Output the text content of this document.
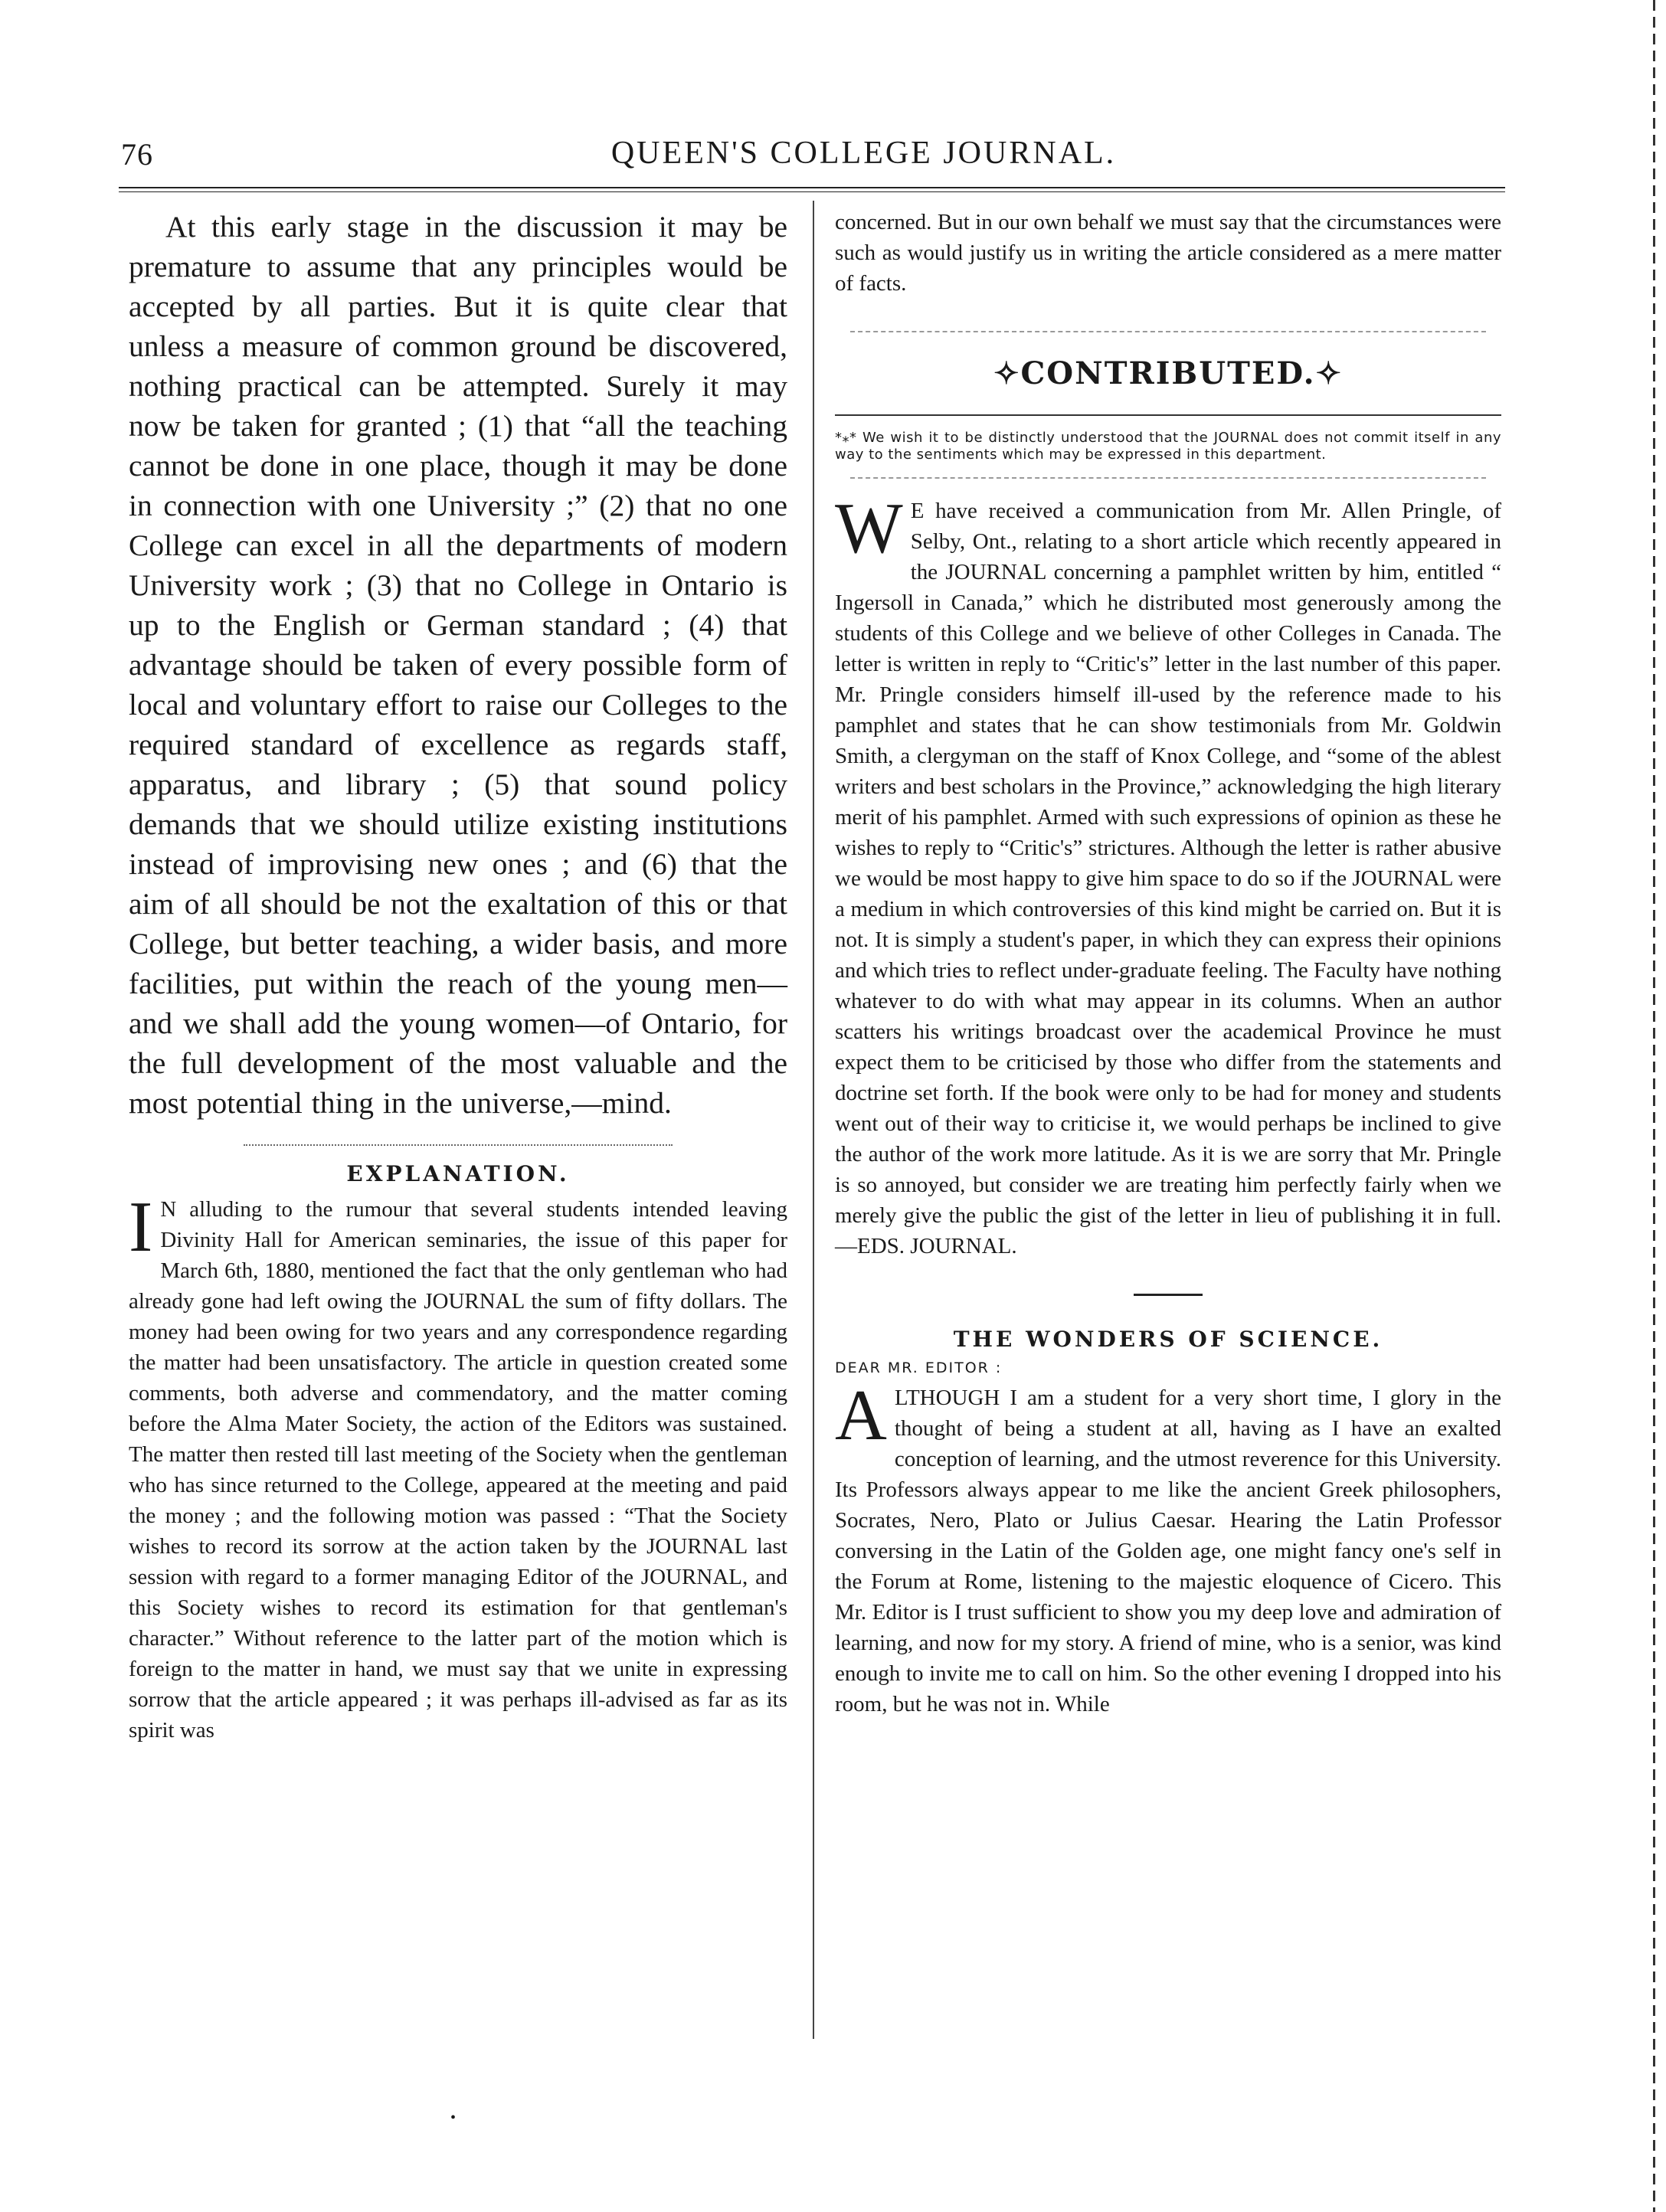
76	QUEEN'S COLLEGE JOURNAL.

At this early stage in the discussion it may be premature to assume that any principles would be accepted by all parties. But it is quite clear that unless a measure of common ground be discovered, nothing practical can be attempted. Surely it may now be taken for granted ; (1) that “all the teaching cannot be done in one place, though it may be done in connection with one University ;” (2) that no one College can excel in all the departments of modern University work ; (3) that no College in Ontario is up to the English or German standard ; (4) that advantage should be taken of every possible form of local and voluntary effort to raise our Colleges to the required standard of excellence as regards staff, apparatus, and library ; (5) that sound policy demands that we should utilize existing institutions instead of improvising new ones ; and (6) that the aim of all should be not the exaltation of this or that College, but better teaching, a wider basis, and more facilities, put within the reach of the young men—and we shall add the young women—of Ontario, for the full development of the most valuable and the most potential thing in the universe,—mind.

EXPLANATION.

I N alluding to the rumour that several students intended leaving Divinity Hall for American seminaries, the issue of this paper for March 6th, 1880, mentioned the fact that the only gentleman who had already gone had left owing the JOURNAL the sum of fifty dollars. The money had been owing for two years and any correspondence regarding the matter had been unsatisfactory. The article in question created some comments, both adverse and commendatory, and the matter coming before the Alma Mater Society, the action of the Editors was sustained. The matter then rested till last meeting of the Society when the gentleman who has since returned to the College, appeared at the meeting and paid the money ; and the following motion was passed : “That the Society wishes to record its sorrow at the action taken by the JOURNAL last session with regard to a former managing Editor of the JOURNAL, and this Society wishes to record its estimation for that gentleman's character.” Without reference to the latter part of the motion which is foreign to the matter in hand, we must say that we unite in expressing sorrow that the article appeared ; it was perhaps ill-advised as far as its spirit was

concerned. But in our own behalf we must say that the circumstances were such as would justify us in writing the article considered as a mere matter of facts.

✧CONTRIBUTED.✧

*⁎* We wish it to be distinctly understood that the JOURNAL does not commit itself in any way to the sentiments which may be expressed in this department.

W E have received a communication from Mr. Allen Pringle, of Selby, Ont., relating to a short article which recently appeared in the JOURNAL concerning a pamphlet written by him, entitled “ Ingersoll in Canada,” which he distributed most generously among the students of this College and we believe of other Colleges in Canada. The letter is written in reply to “Critic's” letter in the last number of this paper. Mr. Pringle considers himself ill-used by the reference made to his pamphlet and states that he can show testimonials from Mr. Goldwin Smith, a clergyman on the staff of Knox College, and “some of the ablest writers and best scholars in the Province,” acknowledging the high literary merit of his pamphlet. Armed with such expressions of opinion as these he wishes to reply to “Critic's” strictures. Although the letter is rather abusive we would be most happy to give him space to do so if the JOURNAL were a medium in which controversies of this kind might be carried on. But it is not. It is simply a student's paper, in which they can express their opinions and which tries to reflect under-graduate feeling. The Faculty have nothing whatever to do with what may appear in its columns. When an author scatters his writings broadcast over the academical Province he must expect them to be criticised by those who differ from the statements and doctrine set forth. If the book were only to be had for money and students went out of their way to criticise it, we would perhaps be inclined to give the author of the work more latitude. As it is we are sorry that Mr. Pringle is so annoyed, but consider we are treating him perfectly fairly when we merely give the public the gist of the letter in lieu of publishing it in full.—EDS. JOURNAL.

THE WONDERS OF SCIENCE.
DEAR MR. EDITOR :

ALTHOUGH I am a student for a very short time, I glory in the thought of being a student at all, having as I have an exalted conception of learning, and the utmost reverence for this University. Its Professors always appear to me like the ancient Greek philosophers, Socrates, Nero, Plato or Julius Caesar. Hearing the Latin Professor conversing in the Latin of the Golden age, one might fancy one's self in the Forum at Rome, listening to the majestic eloquence of Cicero. This Mr. Editor is I trust sufficient to show you my deep love and admiration of learning, and now for my story. A friend of mine, who is a senior, was kind enough to invite me to call on him. So the other evening I dropped into his room, but he was not in. While

•
